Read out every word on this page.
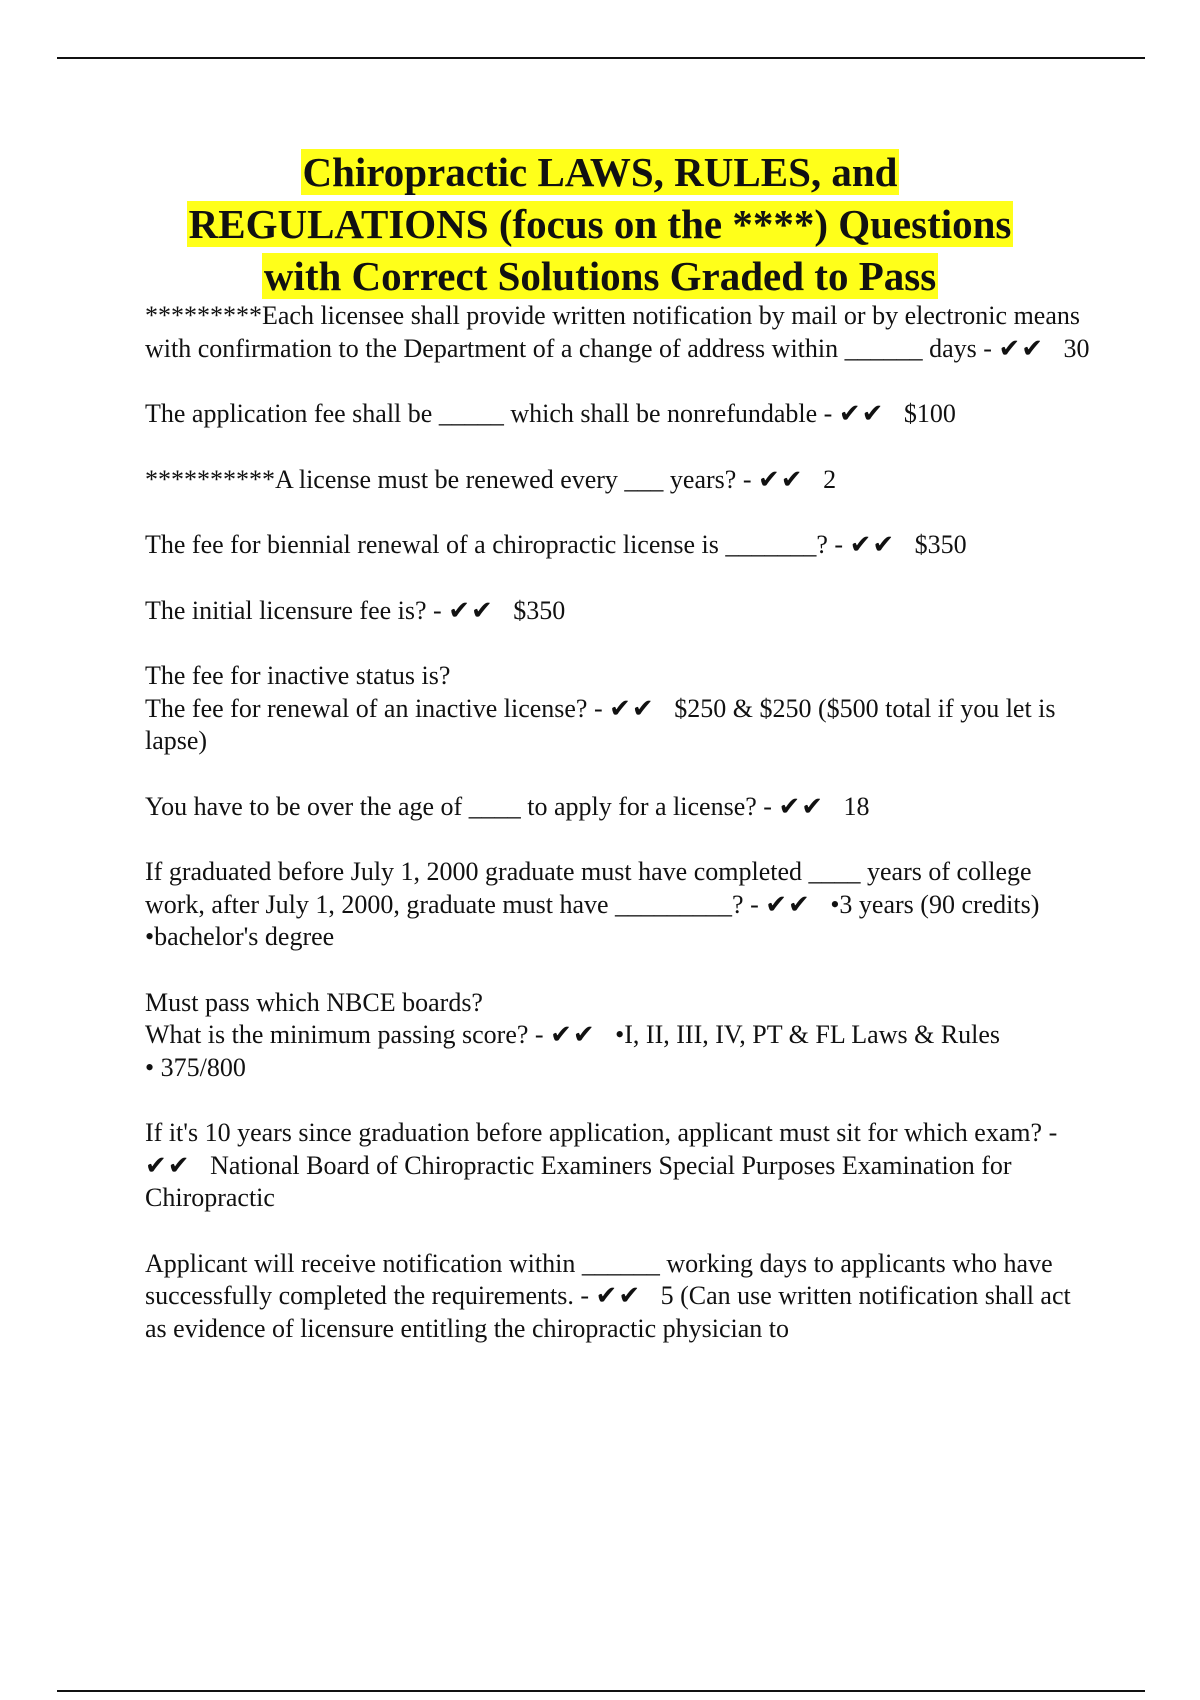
Chiropractic LAWS, RULES, and
REGULATIONS (focus on the ****) Questions
with Correct Solutions Graded to Pass
*********Each licensee shall provide written notification by mail or by electronic means with confirmation to the Department of a change of address within ______ days - ✔✔ 30
The application fee shall be _____ which shall be nonrefundable - ✔✔ $100
**********A license must be renewed every ___ years? - ✔✔ 2
The fee for biennial renewal of a chiropractic license is _______? - ✔✔ $350
The initial licensure fee is? - ✔✔ $350
The fee for inactive status is?
The fee for renewal of an inactive license? - ✔✔ $250 & $250 ($500 total if you let is lapse)
You have to be over the age of ____ to apply for a license? - ✔✔ 18
If graduated before July 1, 2000 graduate must have completed ____ years of college work, after July 1, 2000, graduate must have _________? - ✔✔ •3 years (90 credits)
•bachelor's degree
Must pass which NBCE boards?
What is the minimum passing score? - ✔✔ •I, II, III, IV, PT & FL Laws & Rules
• 375/800
If it's 10 years since graduation before application, applicant must sit for which exam? - ✔✔ National Board of Chiropractic Examiners Special Purposes Examination for Chiropractic
Applicant will receive notification within ______ working days to applicants who have successfully completed the requirements. - ✔✔ 5 (Can use written notification shall act as evidence of licensure entitling the chiropractic physician to
